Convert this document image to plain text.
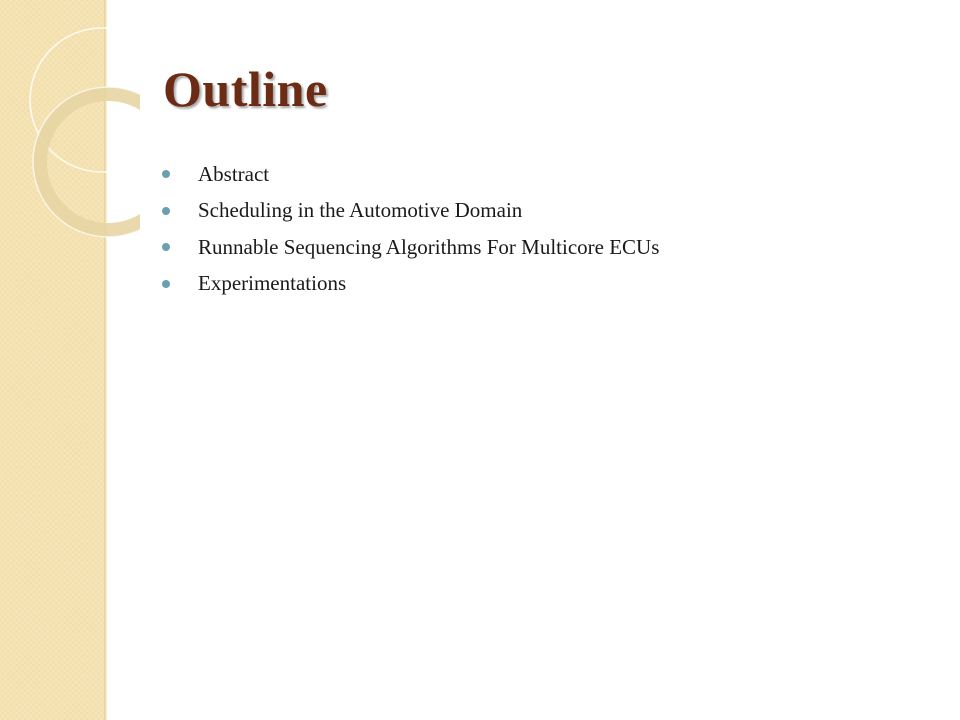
Outline
Abstract
Scheduling in the Automotive Domain
Runnable Sequencing Algorithms For Multicore ECUs
Experimentations
